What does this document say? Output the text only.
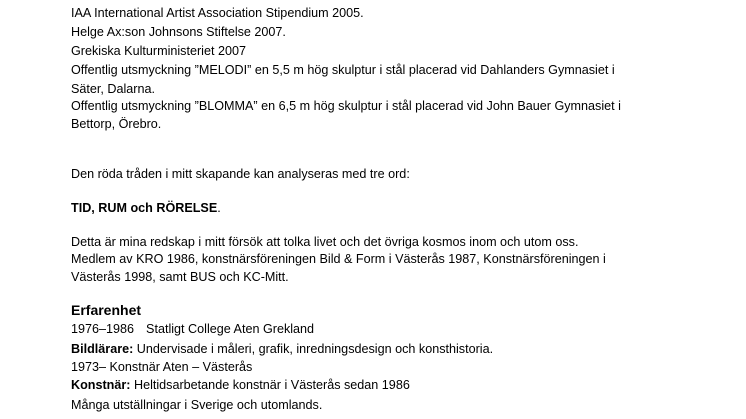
IAA International Artist Association Stipendium 2005.
Helge Ax:son Johnsons Stiftelse 2007.
Grekiska Kulturministeriet 2007
Offentlig utsmyckning ”MELODI” en 5,5 m hög skulptur i stål placerad vid Dahlanders Gymnasiet i
Säter, Dalarna.
Offentlig utsmyckning ”BLOMMA” en 6,5 m hög skulptur i stål placerad vid John Bauer Gymnasiet i
Bettorp, Örebro.
Den röda tråden i mitt skapande kan analyseras med tre ord:
TID, RUM och RÖRELSE.
Detta är mina redskap i mitt försök att tolka livet och det övriga kosmos inom och utom oss.
Medlem av KRO 1986, konstnärsföreningen Bild & Form i Västerås 1987, Konstnärsföreningen i
Västerås 1998, samt BUS och KC-Mitt.
Erfarenhet
1976–1986 Statligt College Aten Grekland
Bildlärare: Undervisade i måleri, grafik, inredningsdesign och konsthistoria.
1973– Konstnär Aten – Västerås
Konstnär: Heltidsarbetande konstnär i Västerås sedan 1986
Många utställningar i Sverige och utomlands.
